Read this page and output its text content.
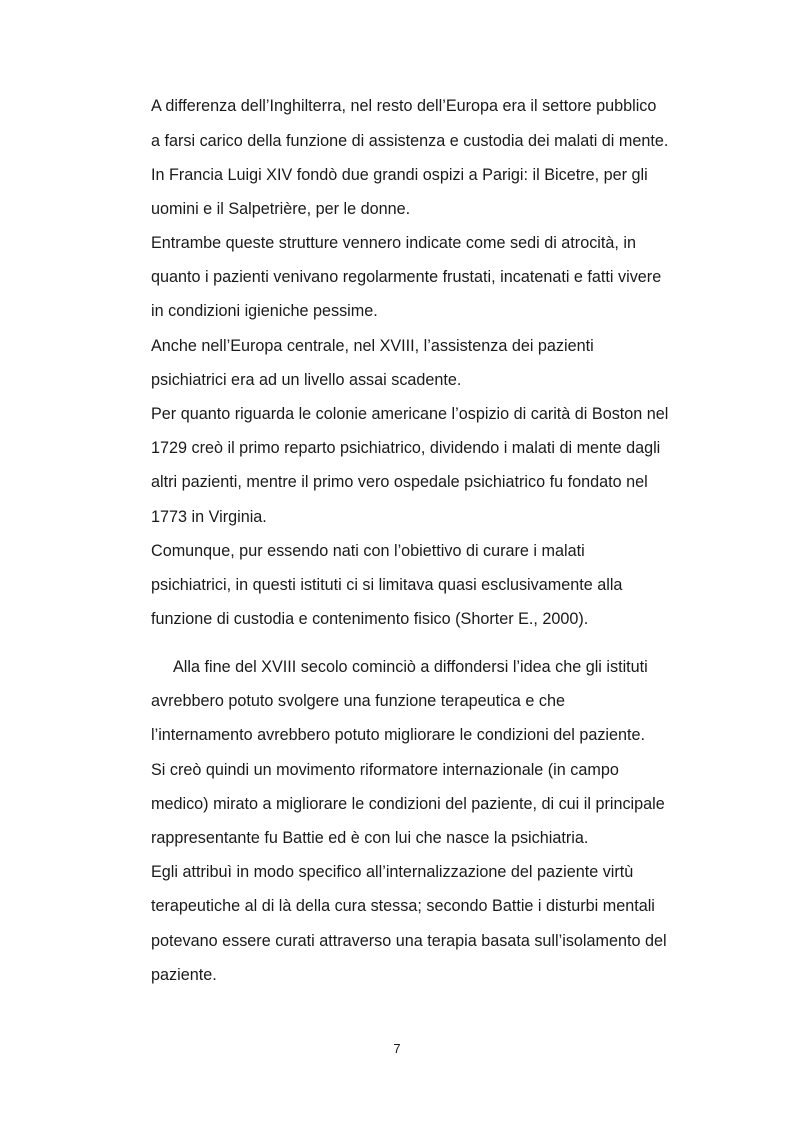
A differenza dell’Inghilterra, nel resto dell’Europa era il settore pubblico

a farsi carico della funzione di assistenza e custodia dei malati di mente.

In Francia Luigi XIV fondò due grandi ospizi a Parigi: il Bicetre, per gli

uomini e il Salpetrière, per le donne.

Entrambe queste strutture vennero indicate come sedi di atrocità, in

quanto i pazienti venivano regolarmente frustati, incatenati e fatti vivere

in condizioni igieniche pessime.

Anche nell’Europa centrale, nel XVIII, l’assistenza dei pazienti

psichiatrici era ad un livello assai scadente.

Per quanto riguarda le colonie americane l’ospizio di carità di Boston nel

1729 creò il primo reparto psichiatrico, dividendo i malati di mente dagli

altri pazienti, mentre il primo vero ospedale psichiatrico fu fondato nel

1773 in Virginia.

Comunque, pur essendo nati con l’obiettivo di curare i malati

psichiatrici, in questi istituti ci si limitava quasi esclusivamente alla

funzione di custodia e contenimento fisico (Shorter E., 2000).

Alla fine del XVIII secolo cominciò a diffondersi l’idea che gli istituti

avrebbero potuto svolgere una funzione terapeutica e che

l’internamento avrebbero potuto migliorare le condizioni del paziente.

Si creò quindi un movimento riformatore internazionale (in campo

medico) mirato a migliorare le condizioni del paziente, di cui il principale

rappresentante fu Battie ed è con lui che nasce la psichiatria.

Egli attribuì in modo specifico all’internalizzazione del paziente virtù

terapeutiche al di là della cura stessa; secondo Battie i disturbi mentali

potevano essere curati attraverso una terapia basata sull’isolamento del

paziente.

7
